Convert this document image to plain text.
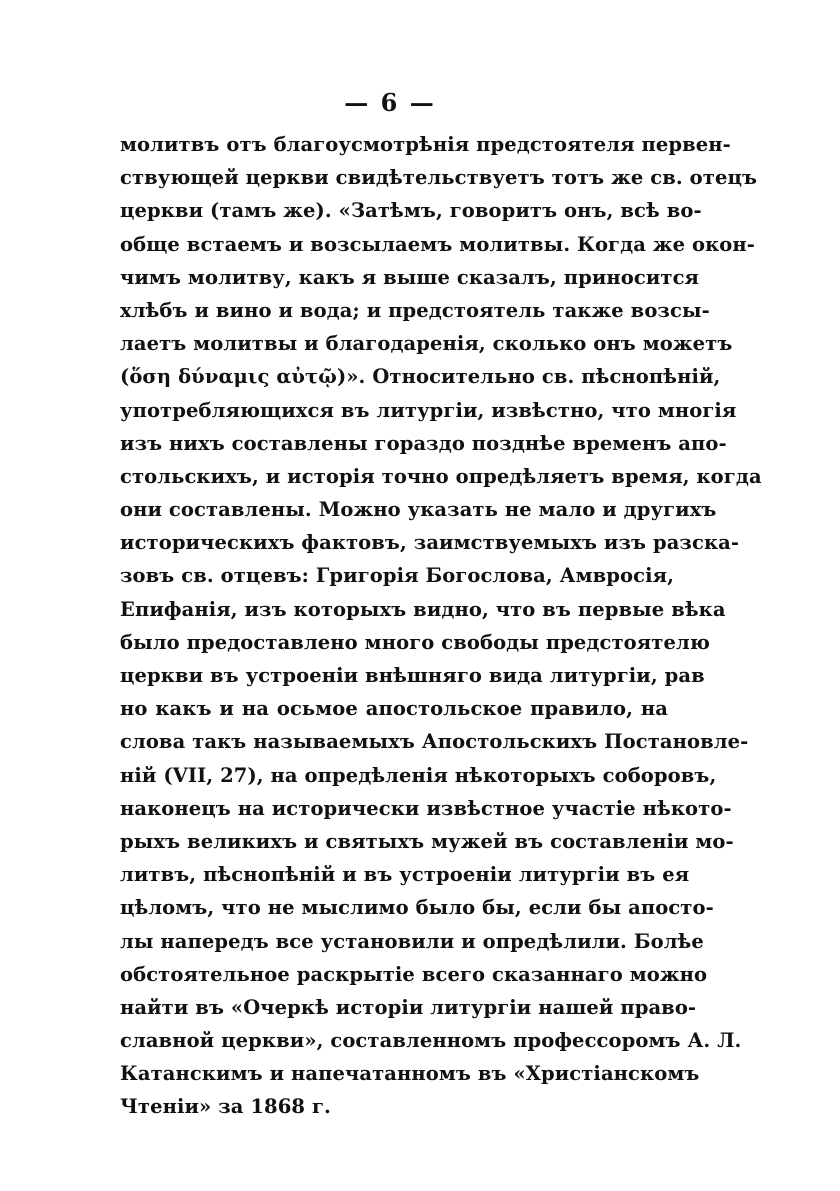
— 6 —
молитвъ отъ благоусмотрѣнія предстоятеля первен-
ствующей церкви свидѣтельствуетъ тотъ же св. отецъ
церкви (тамъ же). «Затѣмъ, говоритъ онъ, всѣ во-
обще встаемъ и возсылаемъ молитвы. Когда же окон-
чимъ молитву, какъ я выше сказалъ, приносится
хлѣбъ и вино и вода; и предстоятель также возсы-
лаетъ молитвы и благодаренія, сколько онъ можетъ
(ὅση δύναμις αὐτῷ)». Относительно св. пѣснопѣній,
употребляющихся въ литургіи, извѣстно, что многія
изъ нихъ составлены гораздо позднѣе временъ апо-
стольскихъ, и исторія точно опредѣляетъ время, когда
они составлены. Можно указать не мало и другихъ
историческихъ фактовъ, заимствуемыхъ изъ разска-
зовъ св. отцевъ: Григорія Богослова, Амвросія,
Епифанія, изъ которыхъ видно, что въ первые вѣка
было предоставлено много свободы предстоятелю
церкви въ устроеніи внѣшняго вида литургіи, рав
но какъ и на осьмое апостольское правило, на
слова такъ называемыхъ Апостольскихъ Постановле-
ній (VII, 27), на опредѣленія нѣкоторыхъ соборовъ,
наконецъ на исторически извѣстное участіе нѣкото-
рыхъ великихъ и святыхъ мужей въ составленіи мо-
литвъ, пѣснопѣній и въ устроеніи литургіи въ ея
цѣломъ, что не мыслимо было бы, если бы апосто-
лы напередъ все установили и опредѣлили. Болѣе
обстоятельное раскрытіе всего сказаннаго можно
найти въ «Очеркѣ исторіи литургіи нашей право-
славной церкви», составленномъ профессоромъ А. Л.
Катанскимъ и напечатанномъ въ «Христіанскомъ
Чтеніи» за 1868 г.
